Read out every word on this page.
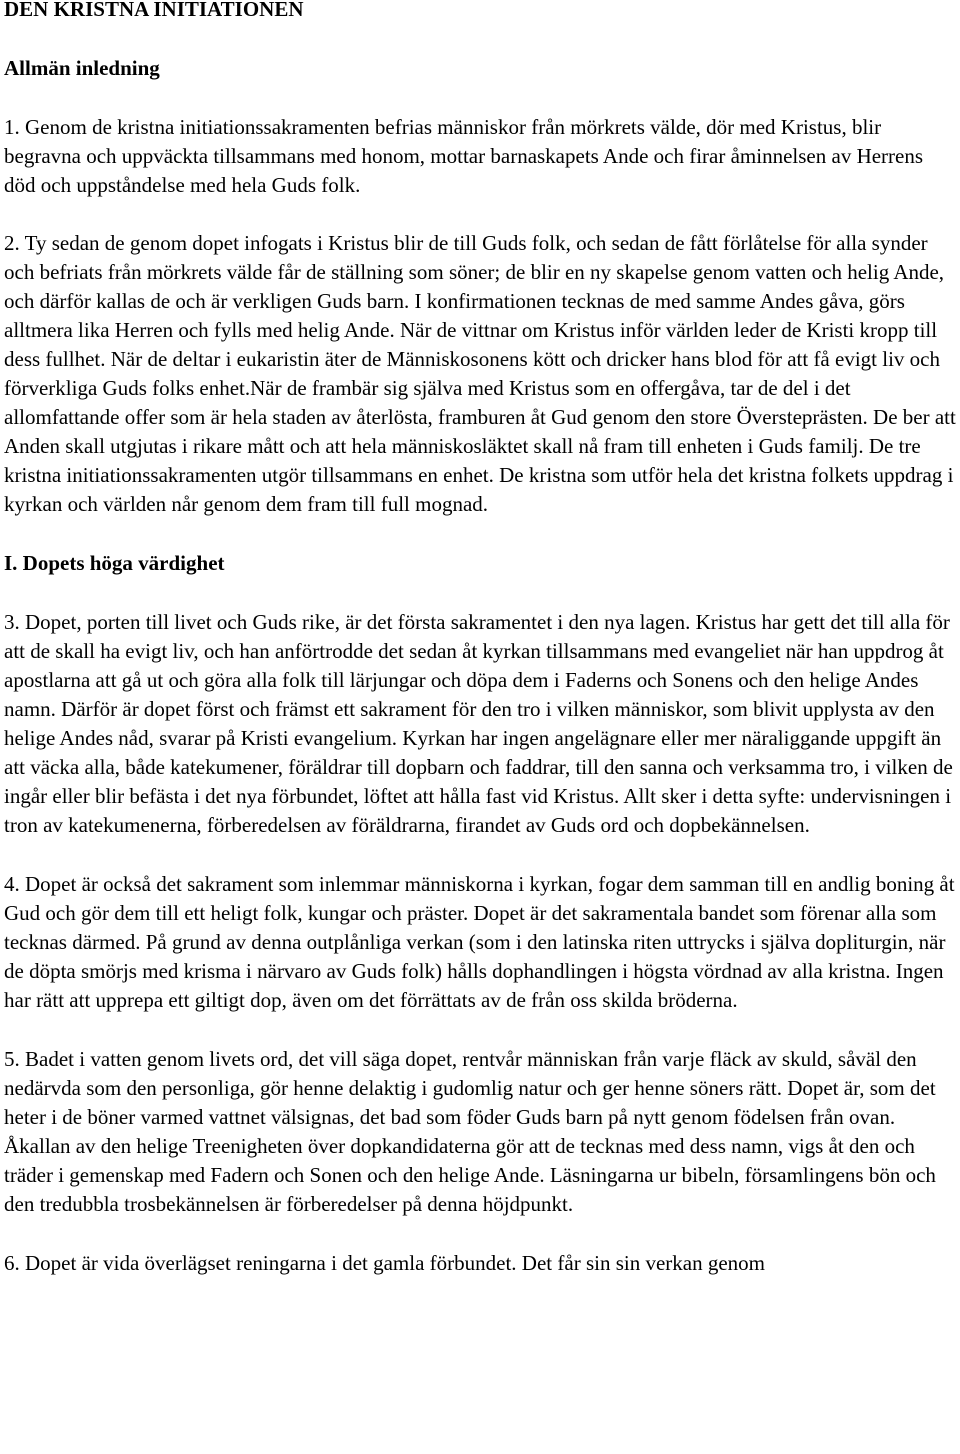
DEN KRISTNA INITIATIONEN
Allmän inledning

1. Genom de kristna initiationssakramenten befrias människor från mörkrets välde, dör med Kristus, blir begravna och uppväckta tillsammans med honom, mottar barnaskapets Ande och firar åminnelsen av Herrens död och uppståndelse med hela Guds folk.

2. Ty sedan de genom dopet infogats i Kristus blir de till Guds folk, och sedan de fått förlåtelse för alla synder och befriats från mörkrets välde får de ställning som söner; de blir en ny skapelse genom vatten och helig Ande, och därför kallas de och är verkligen Guds barn. I konfirmationen tecknas de med samme Andes gåva, görs alltmera lika Herren och fylls med helig Ande. När de vittnar om Kristus inför världen leder de Kristi kropp till dess fullhet. När de deltar i eukaristin äter de Människosonens kött och dricker hans blod för att få evigt liv och förverkliga Guds folks enhet.När de frambär sig själva med Kristus som en offergåva, tar de del i det allomfattande offer som är hela staden av återlösta, framburen åt Gud genom den store Översteprästen. De ber att Anden skall utgjutas i rikare mått och att hela människosläktet skall nå fram till enheten i Guds familj. De tre kristna initiationssakramenten utgör tillsammans en enhet. De kristna som utför hela det kristna folkets uppdrag i kyrkan och världen når genom dem fram till full mognad.

I. Dopets höga värdighet

3. Dopet, porten till livet och Guds rike, är det första sakramentet i den nya lagen. Kristus har gett det till alla för att de skall ha evigt liv, och han anförtrodde det sedan åt kyrkan tillsammans med evangeliet när han uppdrog åt apostlarna att gå ut och göra alla folk till lärjungar och döpa dem i Faderns och Sonens och den helige Andes namn. Därför är dopet först och främst ett sakrament för den tro i vilken människor, som blivit upplysta av den helige Andes nåd, svarar på Kristi evangelium. Kyrkan har ingen angelägnare eller mer näraliggande uppgift än att väcka alla, både katekumener, föräldrar till dopbarn och faddrar, till den sanna och verksamma tro, i vilken de ingår eller blir befästa i det nya förbundet, löftet att hålla fast vid Kristus. Allt sker i detta syfte: undervisningen i tron av katekumenerna, förberedelsen av föräldrarna, firandet av Guds ord och dopbekännelsen.

4. Dopet är också det sakrament som inlemmar människorna i kyrkan, fogar dem samman till en andlig boning åt Gud och gör dem till ett heligt folk, kungar och präster. Dopet är det sakramentala bandet som förenar alla som tecknas därmed. På grund av denna outplånliga verkan (som i den latinska riten uttrycks i själva dopliturgin, när de döpta smörjs med krisma i närvaro av Guds folk) hålls dophandlingen i högsta vördnad av alla kristna. Ingen har rätt att upprepa ett giltigt dop, även om det förrättats av de från oss skilda bröderna.

5. Badet i vatten genom livets ord, det vill säga dopet, rentvår människan från varje fläck av skuld, såväl den nedärvda som den personliga, gör henne delaktig i gudomlig natur och ger henne söners rätt. Dopet är, som det heter i de böner varmed vattnet välsignas, det bad som föder Guds barn på nytt genom födelsen från ovan. Åkallan av den helige Treenigheten över dopkandidaterna gör att de tecknas med dess namn, vigs åt den och träder i gemenskap med Fadern och Sonen och den helige Ande. Läsningarna ur bibeln, församlingens bön och den tredubbla trosbekännelsen är förberedelser på denna höjdpunkt.

6. Dopet är vida överlägset reningarna i det gamla förbundet. Det får sin sin verkan genom
